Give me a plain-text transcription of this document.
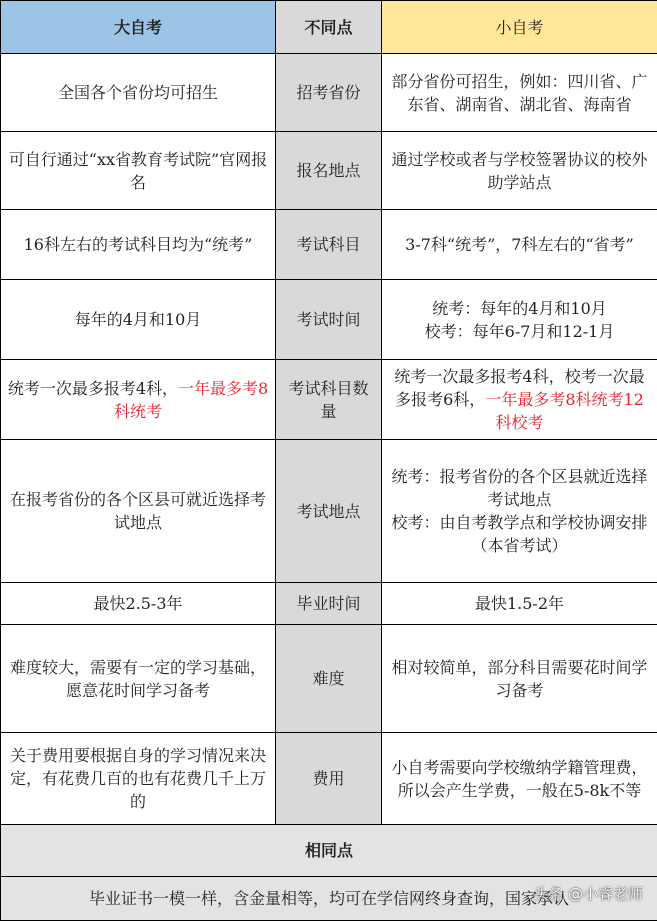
大自考	不同点	小自考
全国各个省份均可招生	招考省份	部分省份可招生，例如：四川省、广东省、湖南省、湖北省、海南省
可自行通过“xx省教育考试院”官网报名	报名地点	通过学校或者与学校签署协议的校外助学站点
16科左右的考试科目均为“统考”	考试科目	3-7科“统考”，7科左右的“省考”
每年的4月和10月	考试时间	统考：每年的4月和10月
校考：每年6-7月和12-1月

统考一次最多报考4科，一年最多考8科统考	考试科目数量	统考一次最多报考4科，校考一次最多报考6科，一年最多考8科统考12科校考
在报考省份的各个区县可就近选择考试地点	考试地点	统考：报考省份的各个区县就近选择考试地点
校考：由自考教学点和学校协调安排（本省考试）

最快2.5-3年	毕业时间	最快1.5-2年
难度较大，需要有一定的学习基础，愿意花时间学习备考	难度	相对较简单，部分科目需要花时间学习备考
关于费用要根据自身的学习情况来决定，有花费几百的也有花费几千上万的	费用	小自考需要向学校缴纳学籍管理费，所以会产生学费，一般在5-8k不等
相同点		
毕业证书一模一样，含金量相等，均可在学信网终身查询，国家承认		
头条 @小睿老师
